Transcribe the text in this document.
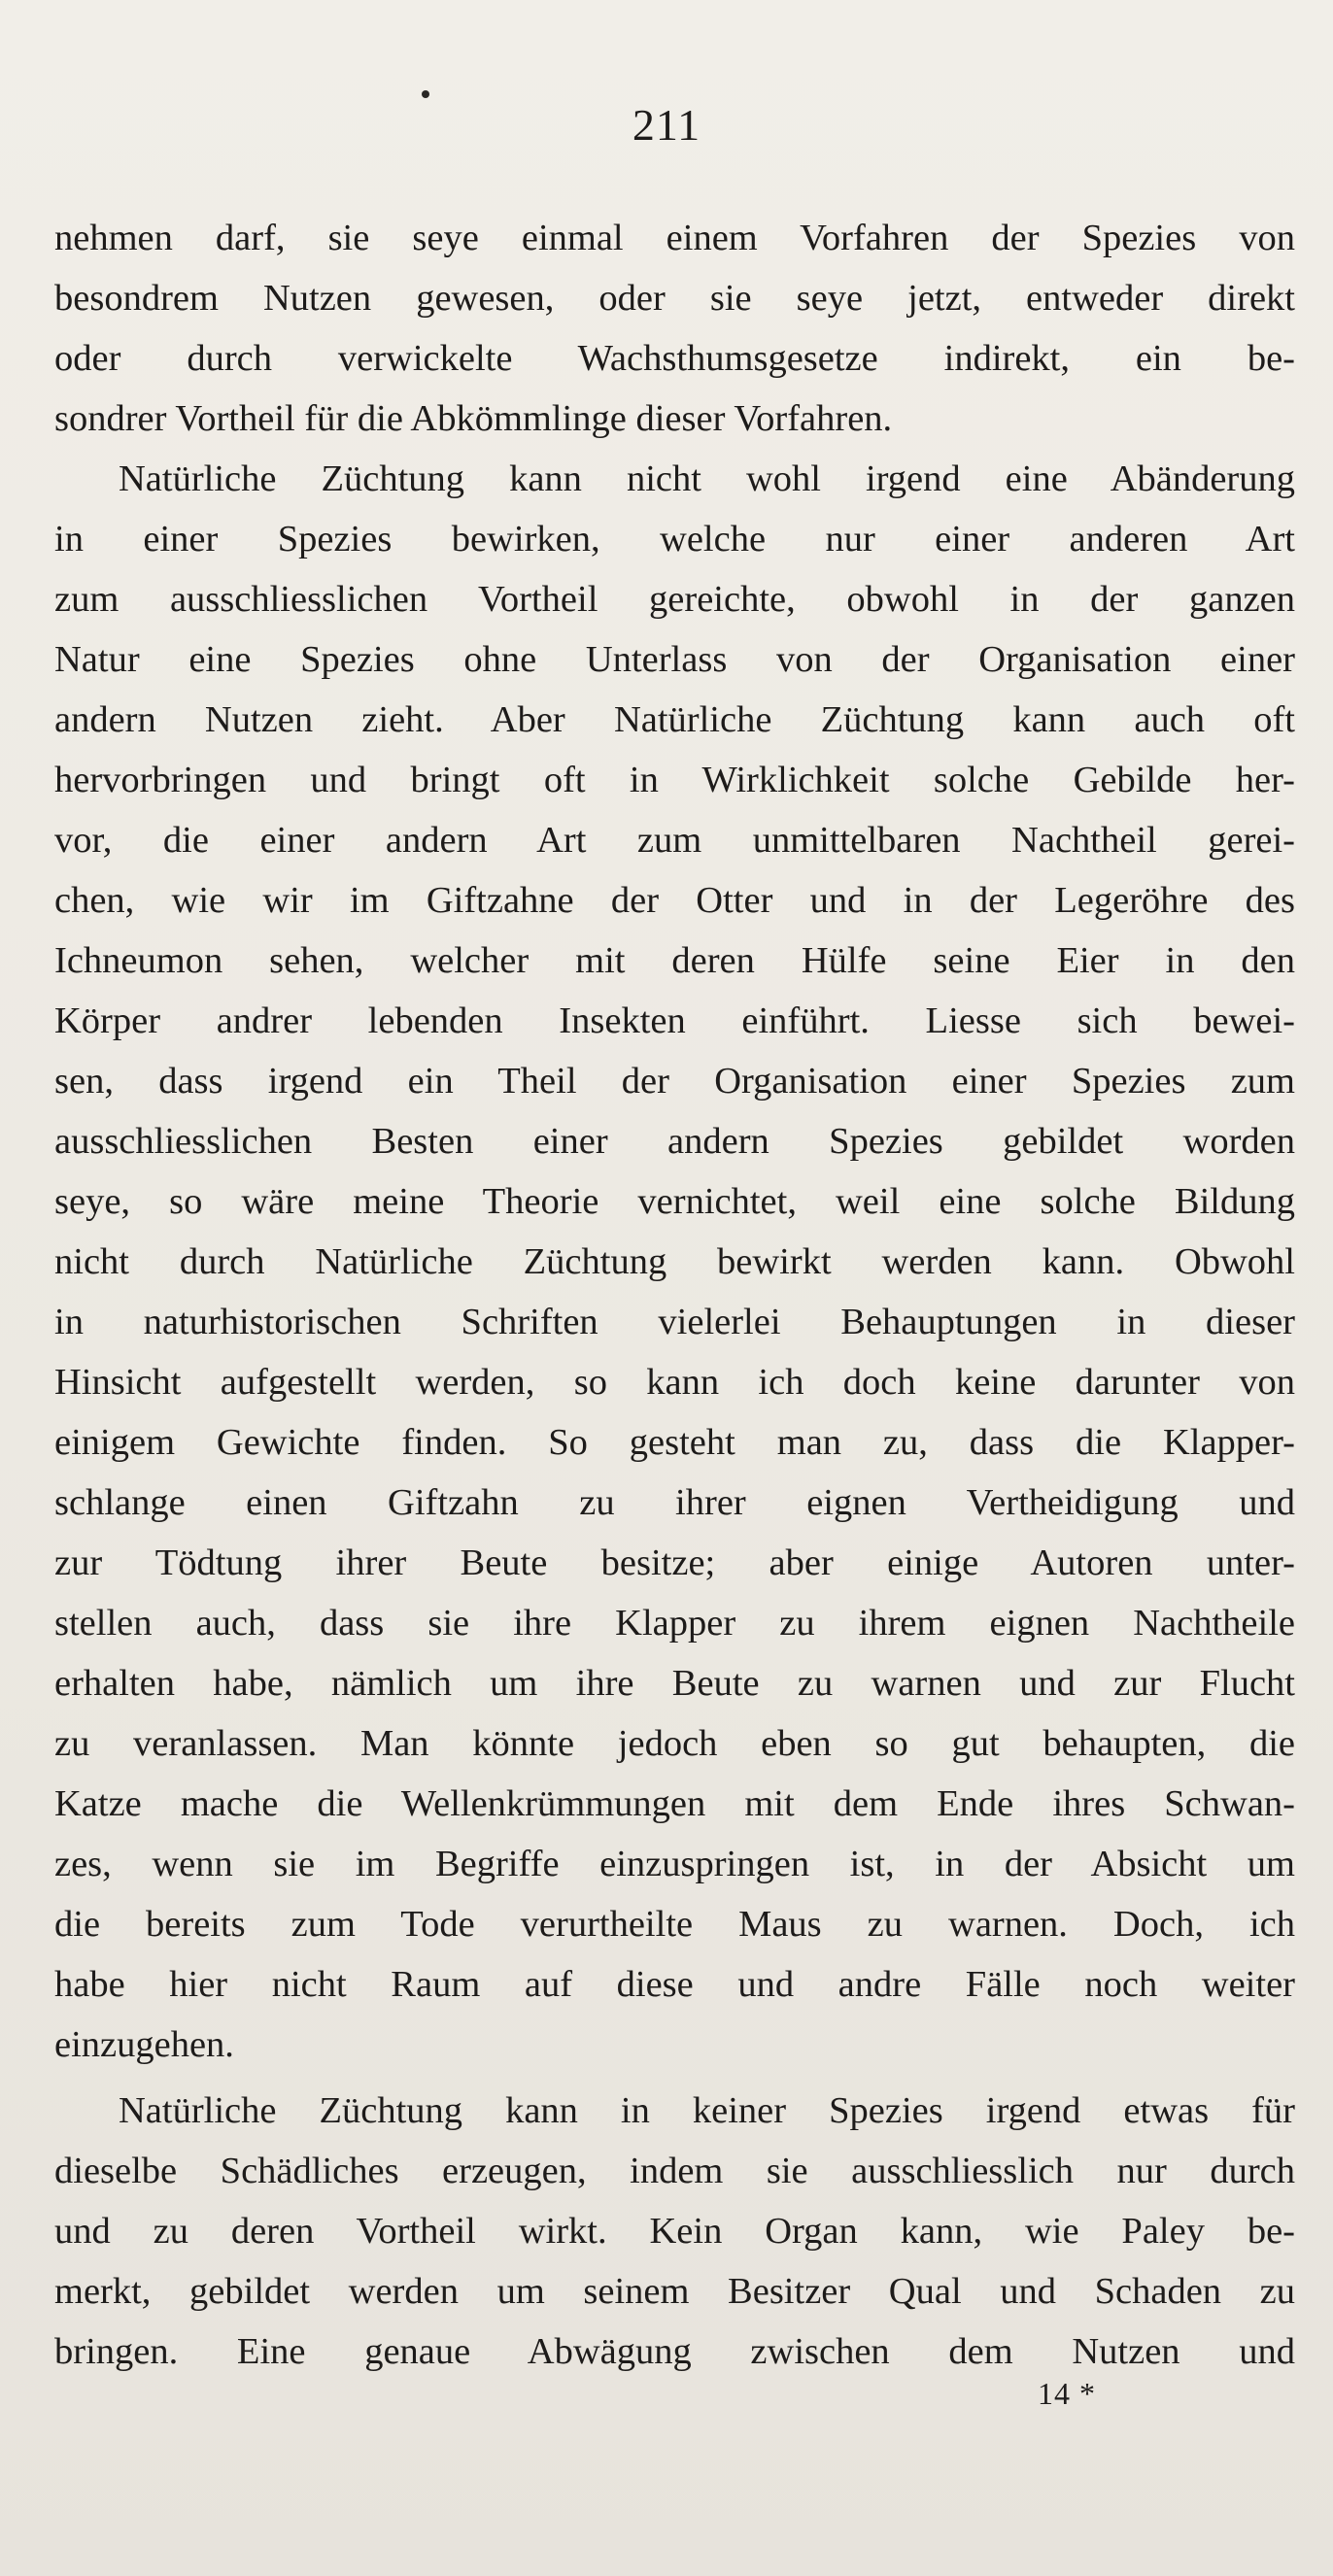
211
nehmen darf, sie seye einmal einem Vorfahren der Spezies von
besondrem Nutzen gewesen, oder sie seye jetzt, entweder direkt
oder durch verwickelte Wachsthumsgesetze indirekt, ein be-
sondrer Vortheil für die Abkömmlinge dieser Vorfahren.
Natürliche Züchtung kann nicht wohl irgend eine Abänderung
in einer Spezies bewirken, welche nur einer anderen Art
zum ausschliesslichen Vortheil gereichte, obwohl in der ganzen
Natur eine Spezies ohne Unterlass von der Organisation einer
andern Nutzen zieht. Aber Natürliche Züchtung kann auch oft
hervorbringen und bringt oft in Wirklichkeit solche Gebilde her-
vor, die einer andern Art zum unmittelbaren Nachtheil gerei-
chen, wie wir im Giftzahne der Otter und in der Legeröhre des
Ichneumon sehen, welcher mit deren Hülfe seine Eier in den
Körper andrer lebenden Insekten einführt. Liesse sich bewei-
sen, dass irgend ein Theil der Organisation einer Spezies zum
ausschliesslichen Besten einer andern Spezies gebildet worden
seye, so wäre meine Theorie vernichtet, weil eine solche Bildung
nicht durch Natürliche Züchtung bewirkt werden kann. Obwohl
in naturhistorischen Schriften vielerlei Behauptungen in dieser
Hinsicht aufgestellt werden, so kann ich doch keine darunter von
einigem Gewichte finden. So gesteht man zu, dass die Klapper-
schlange einen Giftzahn zu ihrer eignen Vertheidigung und
zur Tödtung ihrer Beute besitze; aber einige Autoren unter-
stellen auch, dass sie ihre Klapper zu ihrem eignen Nachtheile
erhalten habe, nämlich um ihre Beute zu warnen und zur Flucht
zu veranlassen. Man könnte jedoch eben so gut behaupten, die
Katze mache die Wellenkrümmungen mit dem Ende ihres Schwan-
zes, wenn sie im Begriffe einzuspringen ist, in der Absicht um
die bereits zum Tode verurtheilte Maus zu warnen. Doch, ich
habe hier nicht Raum auf diese und andre Fälle noch weiter
einzugehen.
Natürliche Züchtung kann in keiner Spezies irgend etwas für
dieselbe Schädliches erzeugen, indem sie ausschliesslich nur durch
und zu deren Vortheil wirkt. Kein Organ kann, wie Paley be-
merkt, gebildet werden um seinem Besitzer Qual und Schaden zu
bringen. Eine genaue Abwägung zwischen dem Nutzen und
14 *
